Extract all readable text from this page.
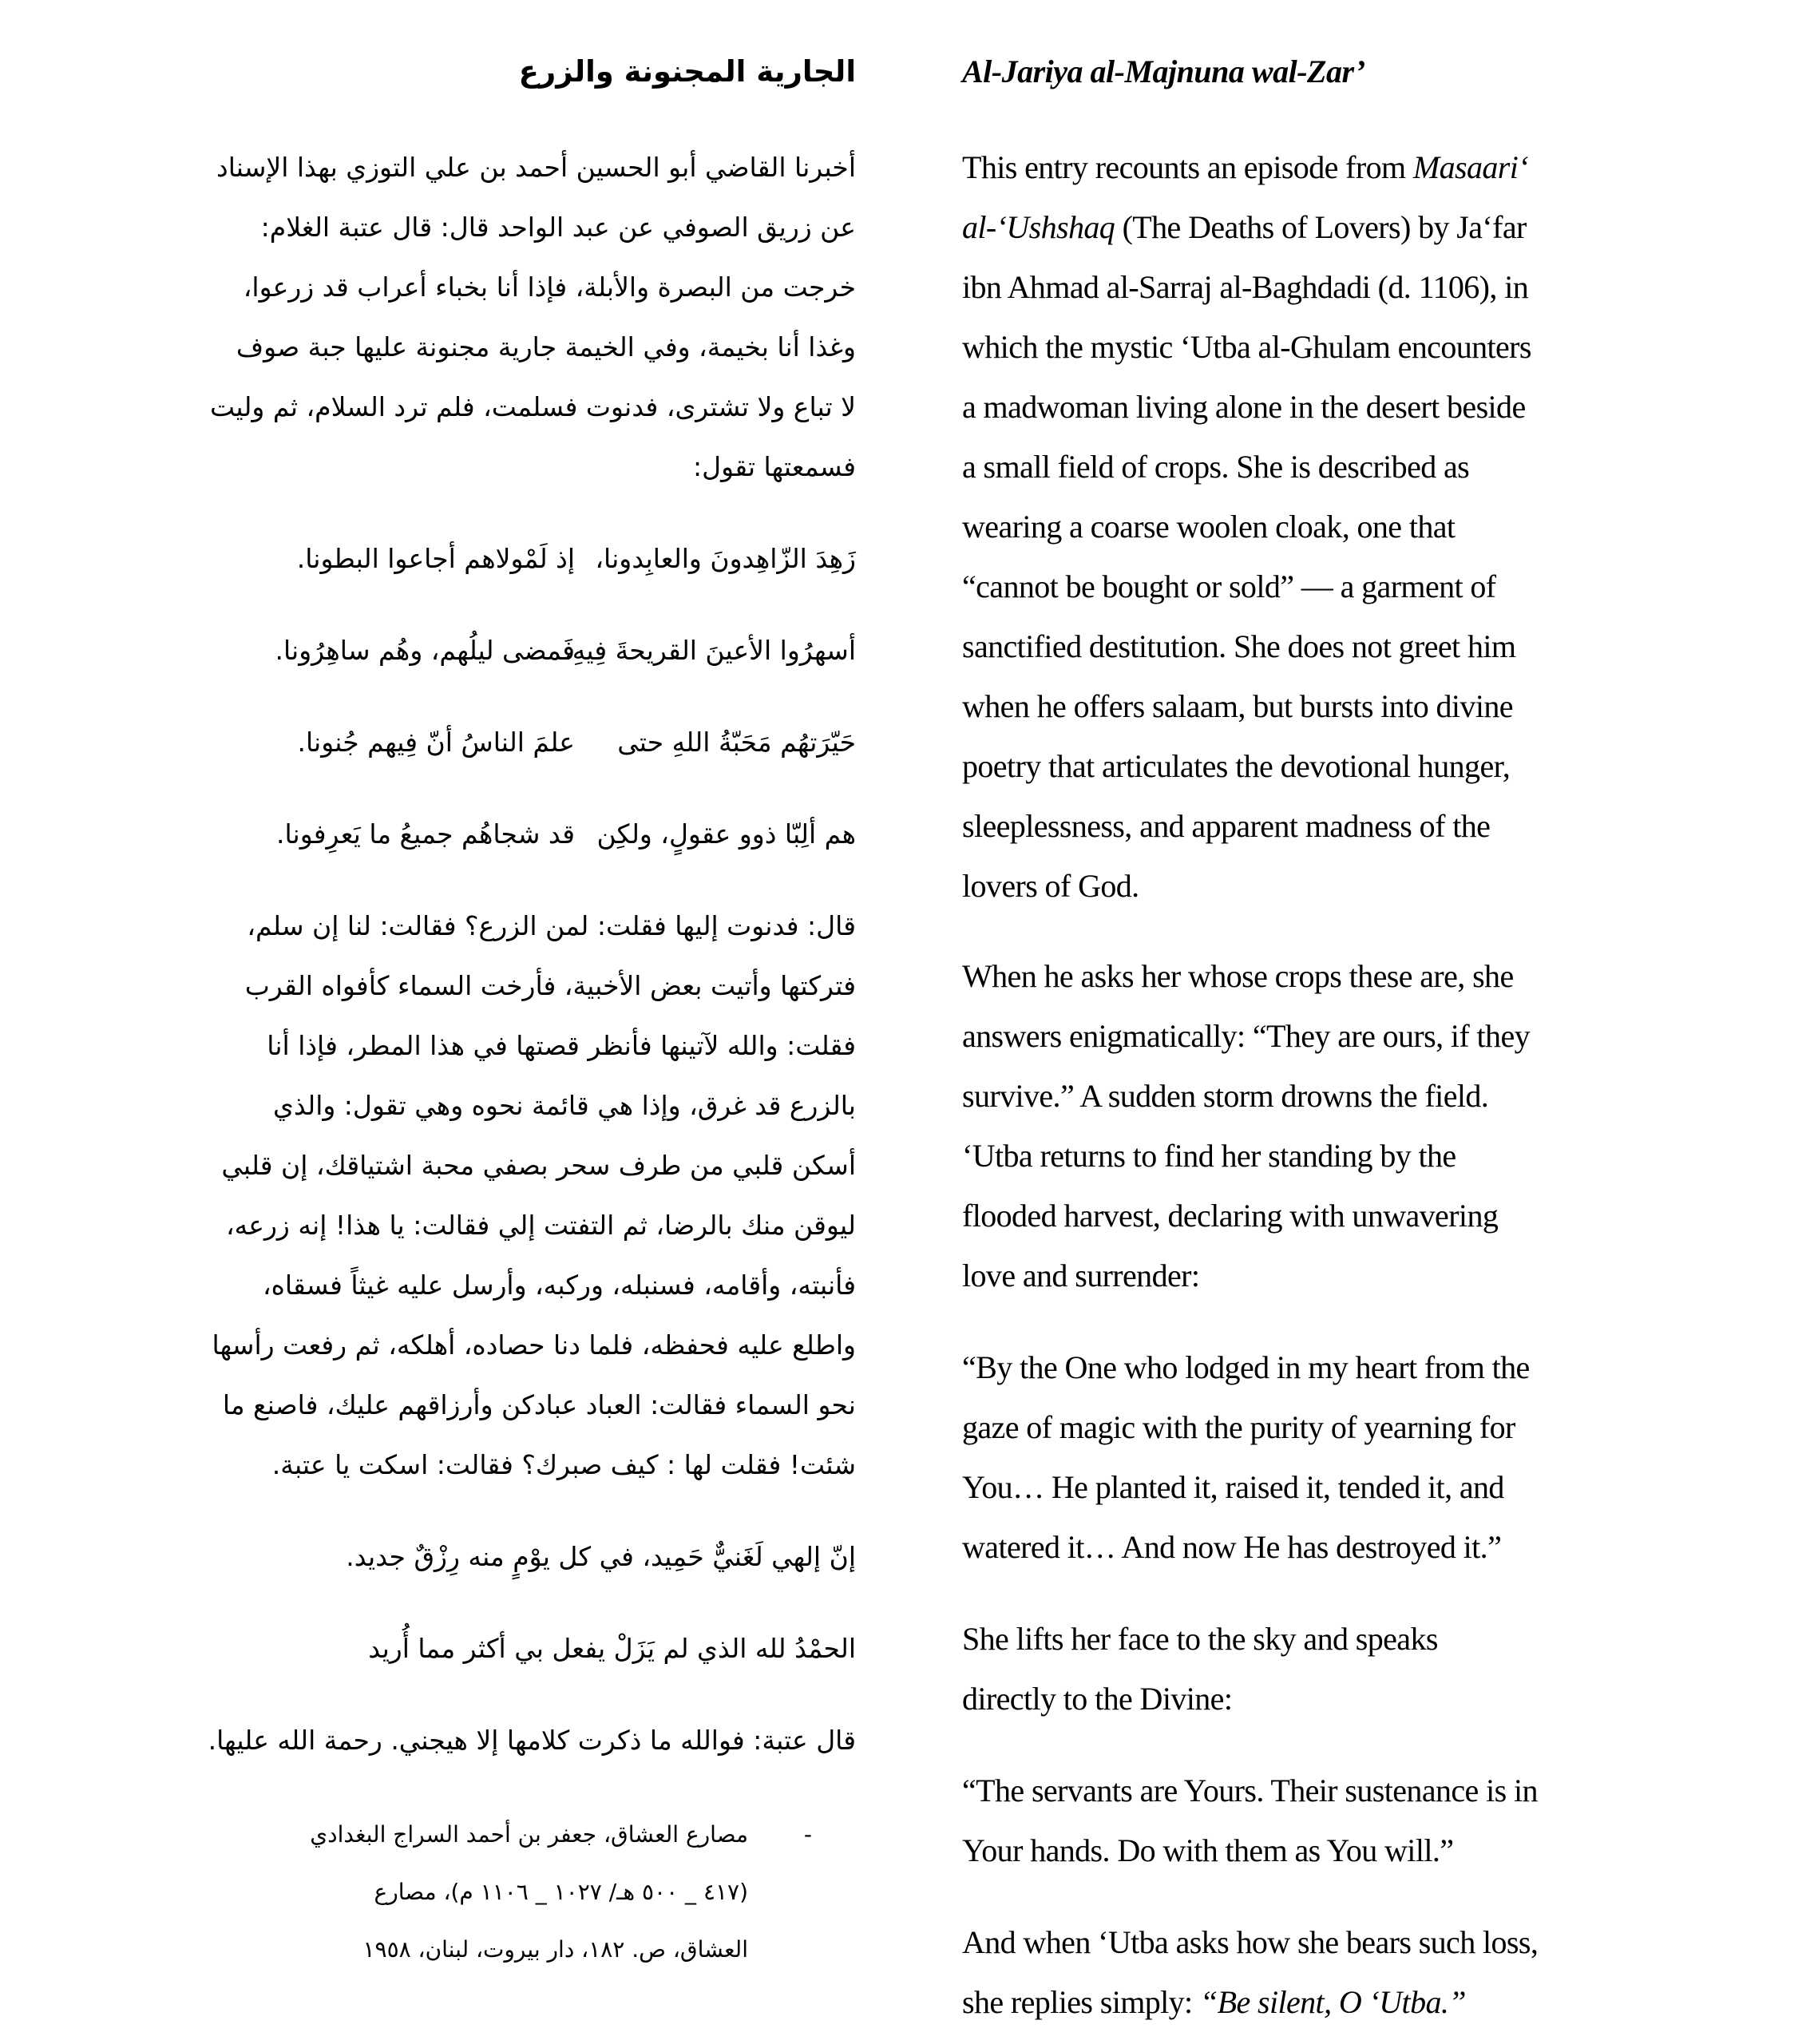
الجارية المجنونة والزرع
أخبرنا القاضي أبو الحسين أحمد بن علي التوزي بهذا الإسناد
عن زريق الصوفي عن عبد الواحد قال: قال عتبة الغلام:
خرجت من البصرة والأبلة، فإذا أنا بخباء أعراب قد زرعوا،
وغذا أنا بخيمة، وفي الخيمة جارية مجنونة عليها جبة صوف
لا تباع ولا تشترى، فدنوت فسلمت، فلم ترد السلام، ثم وليت
فسمعتها تقول:
زَهِدَ الزّاهِدونَ والعابِدونا،
إذ لَمْولاهم أجاعوا البطونا.
أسهرُوا الأعينَ القريحةَ فِيهِ،
فَمضى ليلُهم، وهُم ساهِرُونا.
حَيّرَتهُم مَحَبّةُ اللهِ حتى
علمَ الناسُ أنّ فِيهم جُنونا.
هم ألِبّا ذوو عقولٍ، ولكِن
قد شجاهُم جميعُ ما يَعرِفونا.
قال: فدنوت إليها فقلت: لمن الزرع؟ فقالت: لنا إن سلم،
فتركتها وأتيت بعض الأخبية، فأرخت السماء كأفواه القرب
فقلت: والله لآتينها فأنظر قصتها في هذا المطر، فإذا أنا
بالزرع قد غرق، وإذا هي قائمة نحوه وهي تقول: والذي
أسكن قلبي من طرف سحر بصفي محبة اشتياقك، إن قلبي
ليوقن منك بالرضا، ثم التفتت إلي فقالت: يا هذا! إنه زرعه،
فأنبته، وأقامه، فسنبله، وركبه، وأرسل عليه غيثاً فسقاه،
واطلع عليه فحفظه، فلما دنا حصاده، أهلكه، ثم رفعت رأسها
نحو السماء فقالت: العباد عبادكن وأرزاقهم عليك، فاصنع ما
شئت! فقلت لها : كيف صبرك؟ فقالت: اسكت يا عتبة.
إنّ إلهي لَغَنيٌّ حَمِيد، في كل يوْمٍ منه رِزْقٌ جديد.
الحمْدُ لله الذي لم يَزَلْ يفعل بي أكثر مما أُريد
قال عتبة: فوالله ما ذكرت كلامها إلا هيجني. رحمة الله عليها.
-
مصارع العشاق، جعفر بن أحمد السراج البغدادي
(٤١٧ _ ٥٠٠ هـ/ ١٠٢٧ _ ١١٠٦ م)، مصارع
العشاق، ص. ١٨٢، دار بيروت، لبنان، ١٩٥٨
Al-Jariya al-Majnuna wal-Zar’
This entry recounts an episode from Masaari‘
al-‘Ushshaq (The Deaths of Lovers) by Ja‘far
ibn Ahmad al-Sarraj al-Baghdadi (d. 1106), in
which the mystic ‘Utba al-Ghulam encounters
a madwoman living alone in the desert beside
a small field of crops. She is described as
wearing a coarse woolen cloak, one that
“cannot be bought or sold” — a garment of
sanctified destitution. She does not greet him
when he offers salaam, but bursts into divine
poetry that articulates the devotional hunger,
sleeplessness, and apparent madness of the
lovers of God.
When he asks her whose crops these are, she
answers enigmatically: “They are ours, if they
survive.” A sudden storm drowns the field.
‘Utba returns to find her standing by the
flooded harvest, declaring with unwavering
love and surrender:
“By the One who lodged in my heart from the
gaze of magic with the purity of yearning for
You… He planted it, raised it, tended it, and
watered it… And now He has destroyed it.”
She lifts her face to the sky and speaks
directly to the Divine:
“The servants are Yours. Their sustenance is in
Your hands. Do with them as You will.”
And when ‘Utba asks how she bears such loss,
she replies simply: “Be silent, O ‘Utba.”
